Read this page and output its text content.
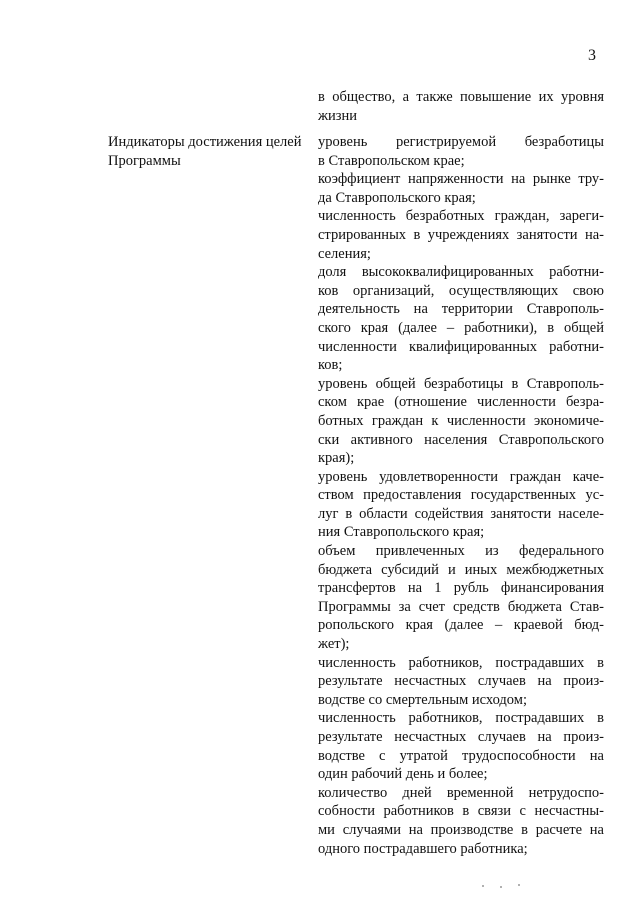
3
в общество, а также повышение их уровня
жизни
Индикаторы достижения целей
Программы
уровень регистрируемой безработицы
в Ставропольском крае;
коэффициент напряженности на рынке тру-
да Ставропольского края;
численность безработных граждан, зареги-
стрированных в учреждениях занятости на-
селения;
доля высококвалифицированных работни-
ков организаций, осуществляющих свою
деятельность на территории Ставрополь-
ского края (далее – работники), в общей
численности квалифицированных работни-
ков;
уровень общей безработицы в Ставрополь-
ском крае (отношение численности безра-
ботных граждан к численности экономиче-
ски активного населения Ставропольского
края);
уровень удовлетворенности граждан каче-
ством предоставления государственных ус-
луг в области содействия занятости населе-
ния Ставропольского края;
объем привлеченных из федерального
бюджета субсидий и иных межбюджетных
трансфертов на 1 рубль финансирования
Программы за счет средств бюджета Став-
ропольского края (далее – краевой бюд-
жет);
численность работников, пострадавших в
результате несчастных случаев на произ-
водстве со смертельным исходом;
численность работников, пострадавших в
результате несчастных случаев на произ-
водстве с утратой трудоспособности на
один рабочий день и более;
количество дней временной нетрудоспо-
собности работников в связи с несчастны-
ми случаями на производстве в расчете на
одного пострадавшего работника;
